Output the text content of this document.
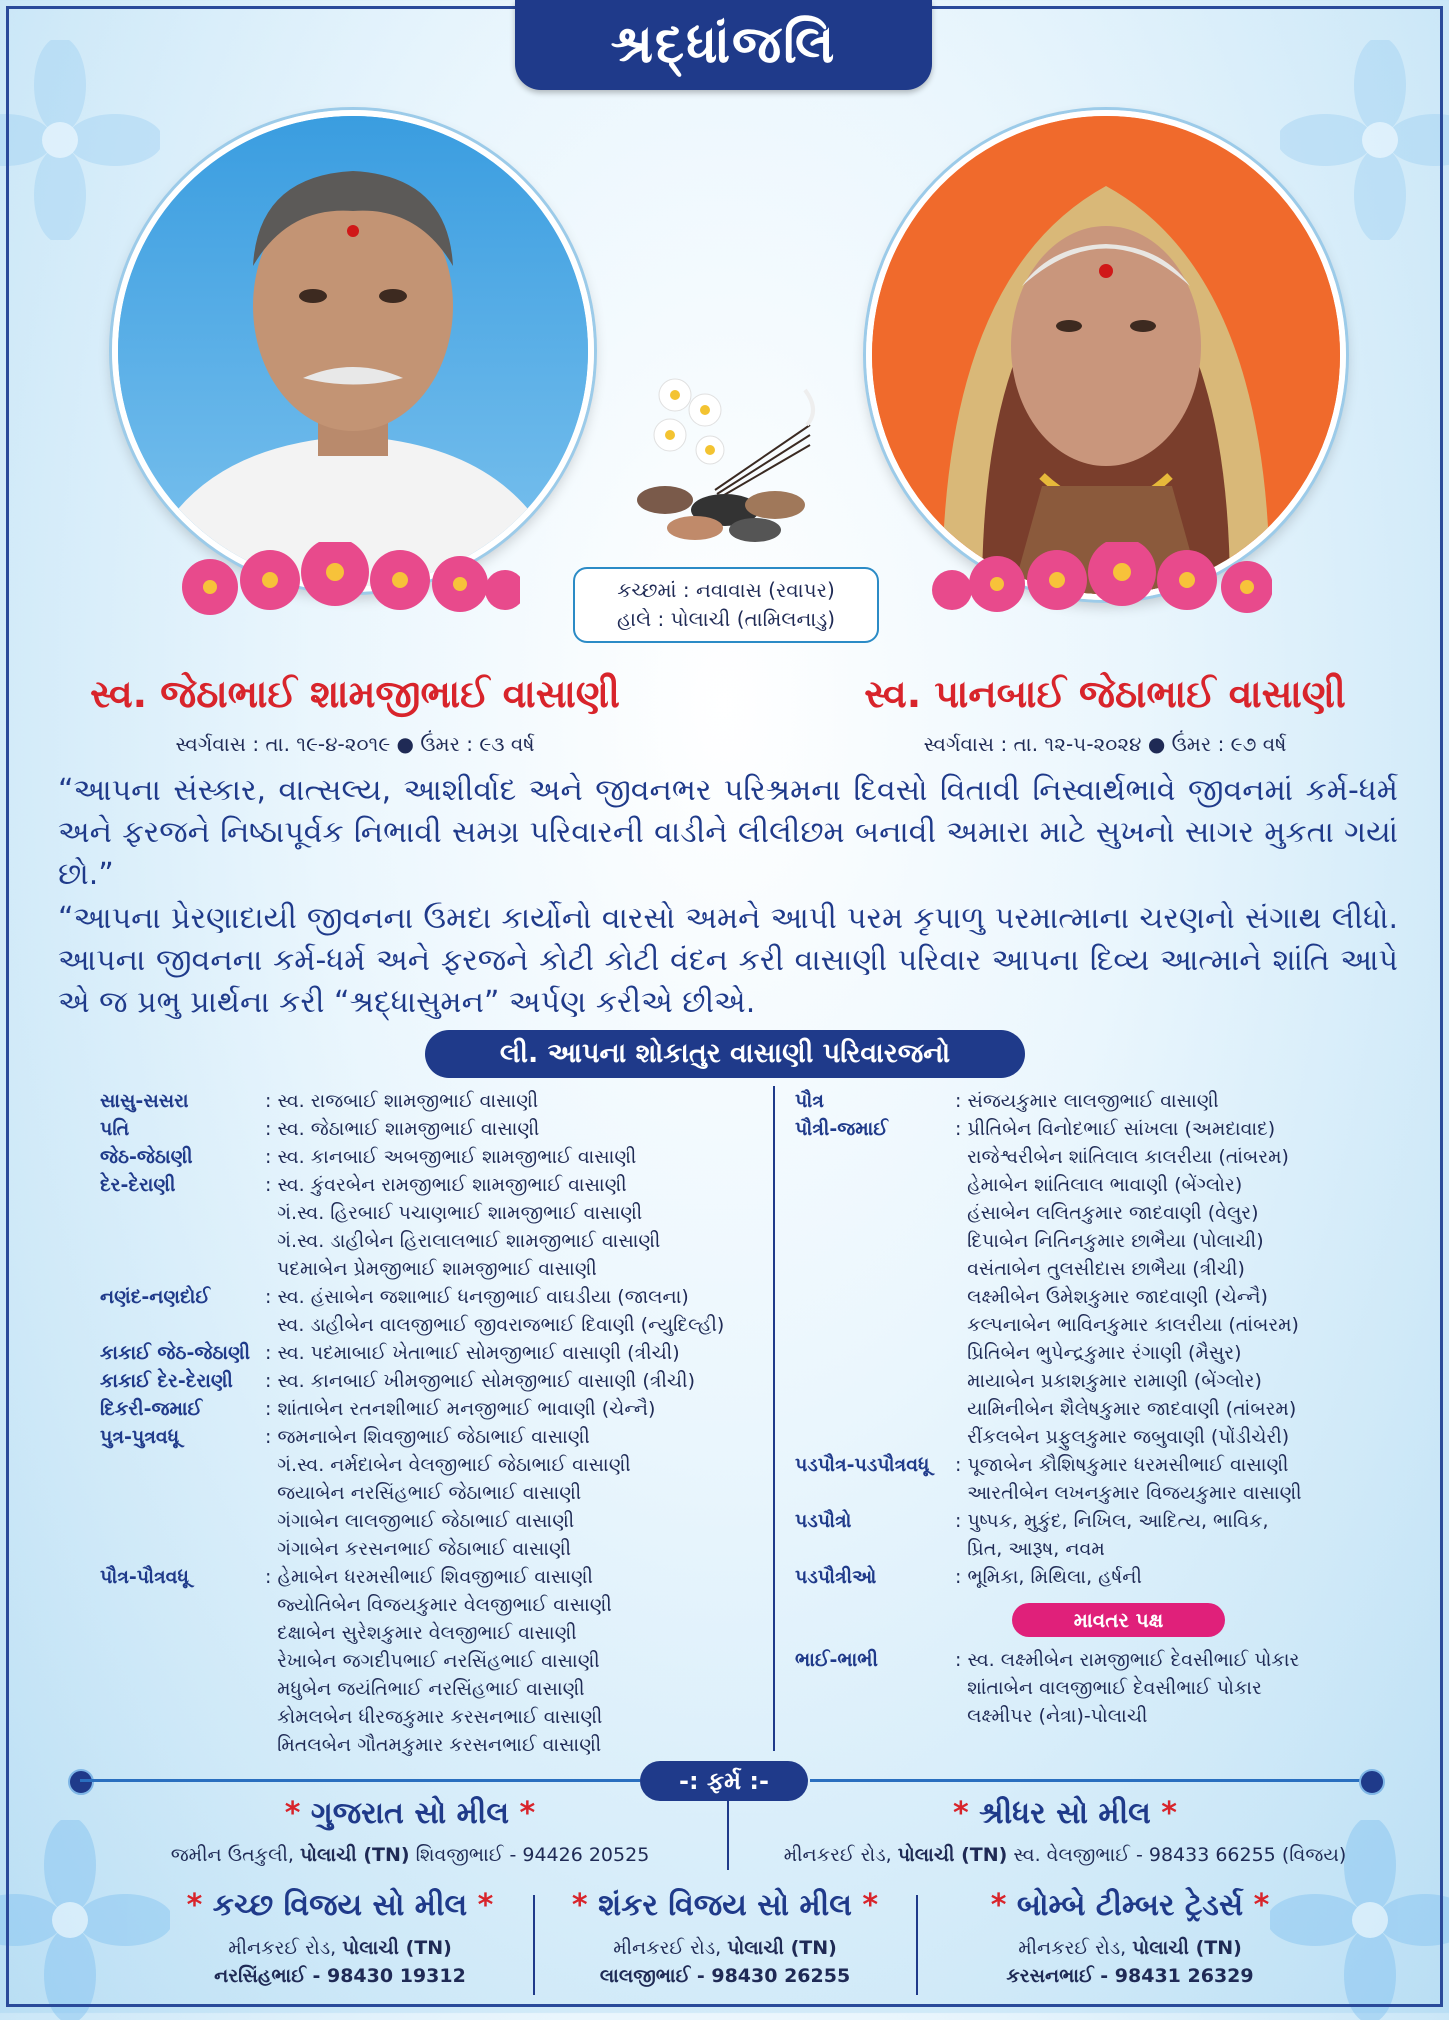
શ્રદ્ધાંજલિ
કચ્છમાં : નવાવાસ (રવાપર)
હાલે : પોલાચી (તામિલનાડુ)
સ્વ. જેઠાભાઈ શામજીભાઈ વાસાણી	સ્વ. પાનબાઈ જેઠાભાઈ વાસાણી
સ્વર્ગવાસ : તા. ૧૯-૪-૨૦૧૯ ● ઉંમર : ૯૩ વર્ષ	સ્વર્ગવાસ : તા. ૧૨-૫-૨૦૨૪ ● ઉંમર : ૯૭ વર્ષ
“આપના સંસ્કાર, વાત્સલ્ય, આશીર્વાદ અને જીવનભર પરિશ્રમના દિવસો વિતાવી નિસ્વાર્થભાવે જીવનમાં કર્મ-ધર્મ અને ફરજને નિષ્ઠાપૂર્વક નિભાવી સમગ્ર પરિવારની વાડીને લીલીછમ બનાવી અમારા માટે સુખનો સાગર મુકતા ગયાં છો.”
“આપના પ્રેરણાદાયી જીવનના ઉમદા કાર્યોનો વારસો અમને આપી પરમ કૃપાળુ પરમાત્માના ચરણનો સંગાથ લીધો. આપના જીવનના કર્મ-ધર્મ અને ફરજને કોટી કોટી વંદન કરી વાસાણી પરિવાર આપના દિવ્ય આત્માને શાંતિ આપે એ જ પ્રભુ પ્રાર્થના કરી “શ્રદ્ધાસુમન” અર્પણ કરીએ છીએ.
લી. આપના શોકાતુર વાસાણી પરિવારજનો
સાસુ-સસરા	: સ્વ. રાજબાઈ શામજીભાઈ વાસાણી
પતિ	: સ્વ. જેઠાભાઈ શામજીભાઈ વાસાણી
જેઠ-જેઠાણી	: સ્વ. કાનબાઈ અબજીભાઈ શામજીભાઈ વાસાણી
દેર-દેરાણી	: સ્વ. કુંવરબેન રામજીભાઈ શામજીભાઈ વાસાણી
ગં.સ્વ. હિરબાઈ પચાણભાઈ શામજીભાઈ વાસાણી
ગં.સ્વ. ડાહીબેન હિરાલાલભાઈ શામજીભાઈ વાસાણી
પદમાબેન પ્રેમજીભાઈ શામજીભાઈ વાસાણી
નણંદ-નણદોઈ	: સ્વ. હંસાબેન જશાભાઈ ધનજીભાઈ વાઘડીયા (જાલના)
સ્વ. ડાહીબેન વાલજીભાઈ જીવરાજભાઈ દિવાણી (ન્યુદિલ્હી)
કાકાઈ જેઠ-જેઠાણી : સ્વ. પદમાબાઈ ખેતાભાઈ સોમજીભાઈ વાસાણી (ત્રીચી)
કાકાઈ દેર-દેરાણી	: સ્વ. કાનબાઈ ખીમજીભાઈ સોમજીભાઈ વાસાણી (ત્રીચી)
દિકરી-જમાઈ	: શાંતાબેન રતનશીભાઈ મનજીભાઈ ભાવાણી (ચેન્નૈ)
પુત્ર-પુત્રવધૂ	: જમનાબેન શિવજીભાઈ જેઠાભાઈ વાસાણી
ગં.સ્વ. નર્મદાબેન વેલજીભાઈ જેઠાભાઈ વાસાણી
જયાબેન નરસિંહભાઈ જેઠાભાઈ વાસાણી
ગંગાબેન લાલજીભાઈ જેઠાભાઈ વાસાણી
ગંગાબેન કરસનભાઈ જેઠાભાઈ વાસાણી
પૌત્ર-પૌત્રવધૂ	: હેમાબેન ધરમસીભાઈ શિવજીભાઈ વાસાણી
જ્યોતિબેન વિજયકુમાર વેલજીભાઈ વાસાણી
દક્ષાબેન સુરેશકુમાર વેલજીભાઈ વાસાણી
રેખાબેન જગદીપભાઈ નરસિંહભાઈ વાસાણી
મધુબેન જયંતિભાઈ નરસિંહભાઈ વાસાણી
કોમલબેન ધીરજકુમાર કરસનભાઈ વાસાણી
મિતલબેન ગૌતમકુમાર કરસનભાઈ વાસાણી
પૌત્ર	: સંજયકુમાર લાલજીભાઈ વાસાણી
પૌત્રી-જમાઈ	: પ્રીતિબેન વિનોદભાઈ સાંખલા (અમદાવાદ)
રાજેશ્વરીબેન શાંતિલાલ કાલરીયા (તાંબરમ)
હેમાબેન શાંતિલાલ ભાવાણી (બેંગ્લોર)
હંસાબેન લલિતકુમાર જાદવાણી (વેલુર)
દિપાબેન નિતિનકુમાર છાભૈયા (પોલાચી)
વસંતાબેન તુલસીદાસ છાભૈયા (ત્રીચી)
લક્ષ્મીબેન ઉમેશકુમાર જાદવાણી (ચેન્નૈ)
કલ્પનાબેન ભાવિનકુમાર કાલરીયા (તાંબરમ)
પ્રિતિબેન ભુપેન્દ્રકુમાર રંગાણી (મૈસુર)
માયાબેન પ્રકાશકુમાર રામાણી (બેંગ્લોર)
યામિનીબેન શૈલેષકુમાર જાદવાણી (તાંબરમ)
રીંકલબેન પ્રફુલકુમાર જબુવાણી (પોંડીચેરી)
પડપૌત્ર-પડપૌત્રવધૂ	: પૂજાબેન કૌશિષકુમાર ધરમસીભાઈ વાસાણી
આરતીબેન લખનકુમાર વિજયકુમાર વાસાણી
પડપૌત્રો	: પુષ્પક, મુકુંદ, નિખિલ, આદિત્ય, ભાવિક,
પ્રિત, આરૂષ, નવમ
પડપૌત્રીઓ	: ભૂમિકા, મિથિલા, હર્ષની
માવતર પક્ષ
ભાઈ-ભાભી	: સ્વ. લક્ષ્મીબેન રામજીભાઈ દેવસીભાઈ પોકાર
શાંતાબેન વાલજીભાઈ દેવસીભાઈ પોકાર
લક્ષ્મીપર (નેત્રા)-પોલાચી
-: ફર્મ :-
* ગુજરાત સો મીલ *
જમીન ઉતકુલી, પોલાચી (TN) શિવજીભાઈ - 94426 20525
* શ્રીધર સો મીલ *
મીનકરઈ રોડ, પોલાચી (TN) સ્વ. વેલજીભાઈ - 98433 66255 (વિજય)
* કચ્છ વિજય સો મીલ *
મીનકરઈ રોડ, પોલાચી (TN)
નરસિંહભાઈ - 98430 19312
* શંકર વિજય સો મીલ *
મીનકરઈ રોડ, પોલાચી (TN)
લાલજીભાઈ - 98430 26255
* બોમ્બે ટીમ્બર ટ્રેડર્સ *
મીનકરઈ રોડ, પોલાચી (TN)
કરસનભાઈ - 98431 26329
